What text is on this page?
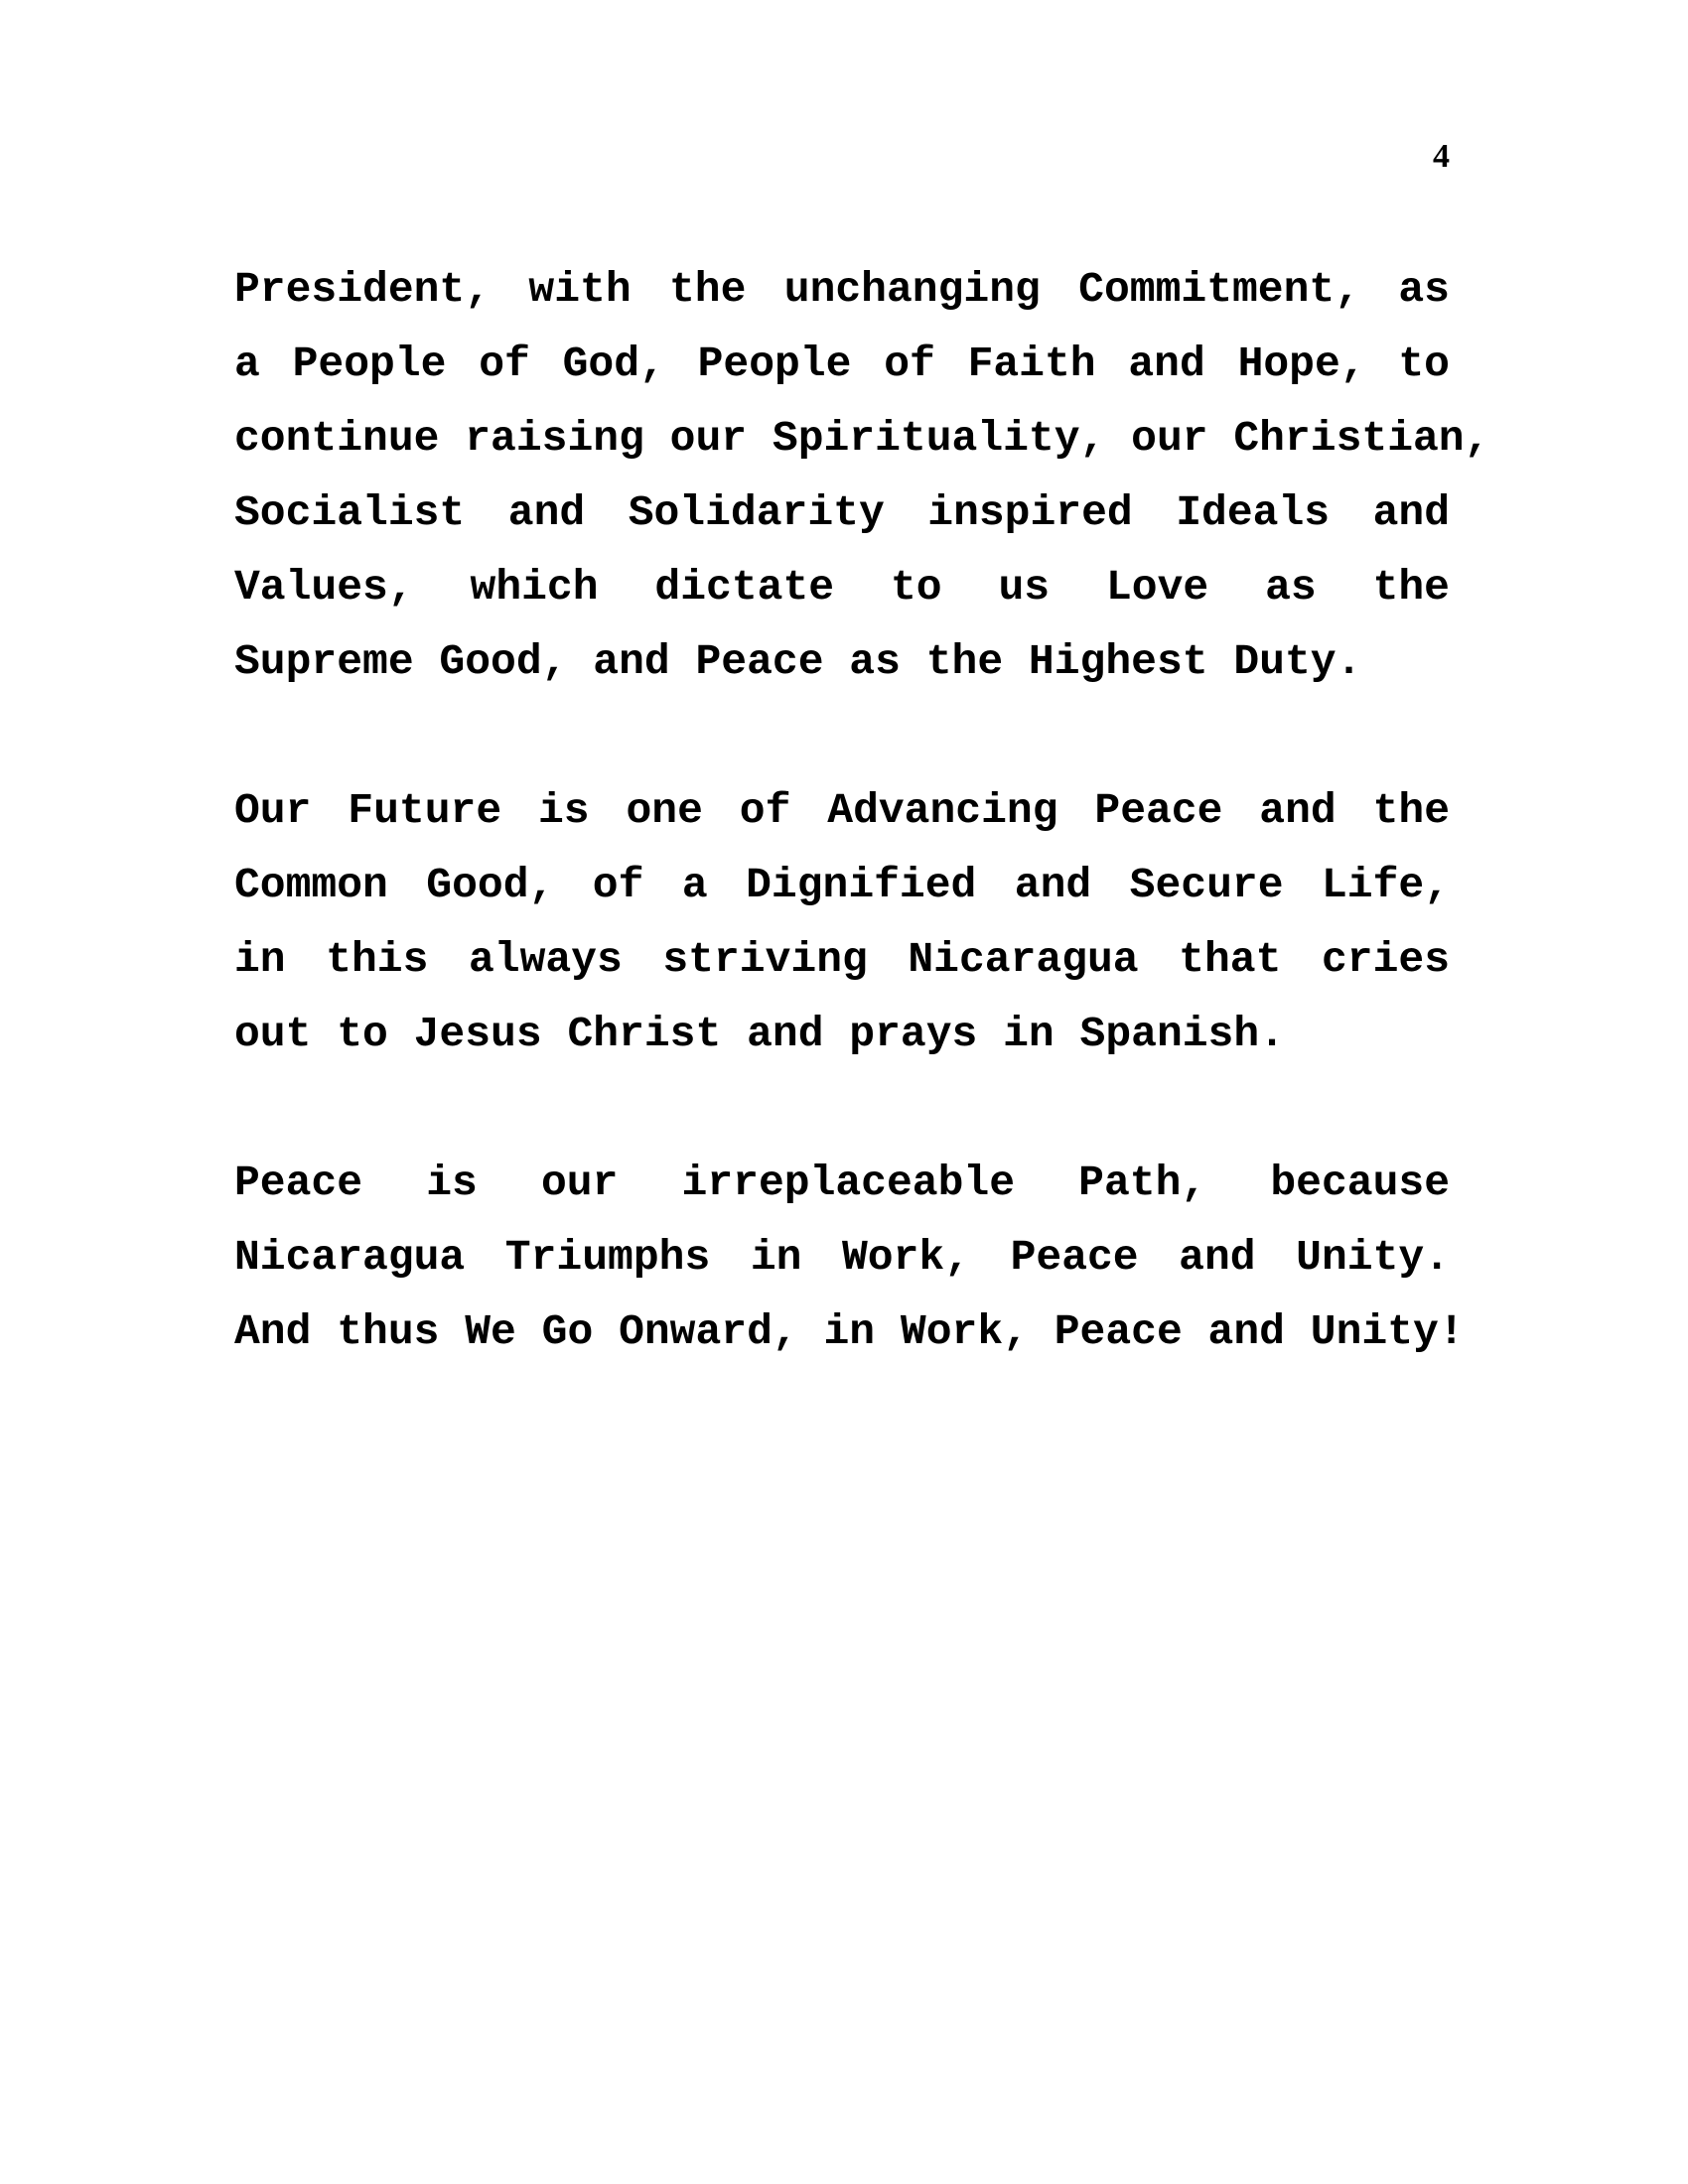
4
President, with the unchanging Commitment, as
a People of God, People of Faith and Hope, to
continue raising our Spirituality, our Christian,
Socialist and Solidarity inspired Ideals and
Values, which dictate to us Love as the
Supreme Good, and Peace as the Highest Duty.
Our Future is one of Advancing Peace and the
Common Good, of a Dignified and Secure Life,
in this always striving Nicaragua that cries
out to Jesus Christ and prays in Spanish.
Peace is our irreplaceable Path, because
Nicaragua Triumphs in Work, Peace and Unity.
And thus We Go Onward, in Work, Peace and Unity!
